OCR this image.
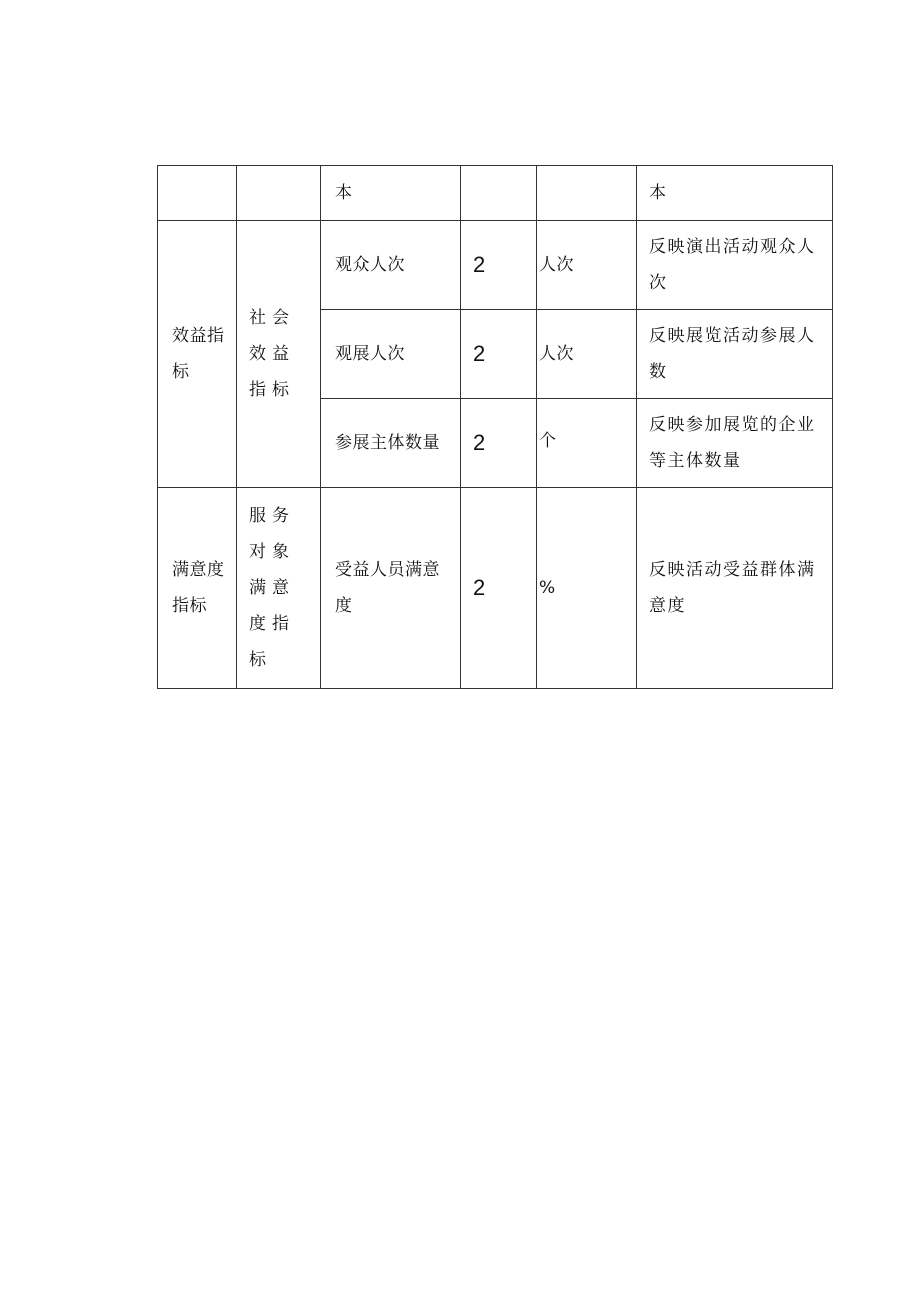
		本			本

效益指标	社会效益指标	观众人次	2	人次	反映演出活动观众人次

		观展人次	2	人次	反映展览活动参展人数

		参展主体数量	2	个	反映参加展览的企业等主体数量

满意度指标	服务对象满意度指标	受益人员满意度	2	%	反映活动受益群体满意度
